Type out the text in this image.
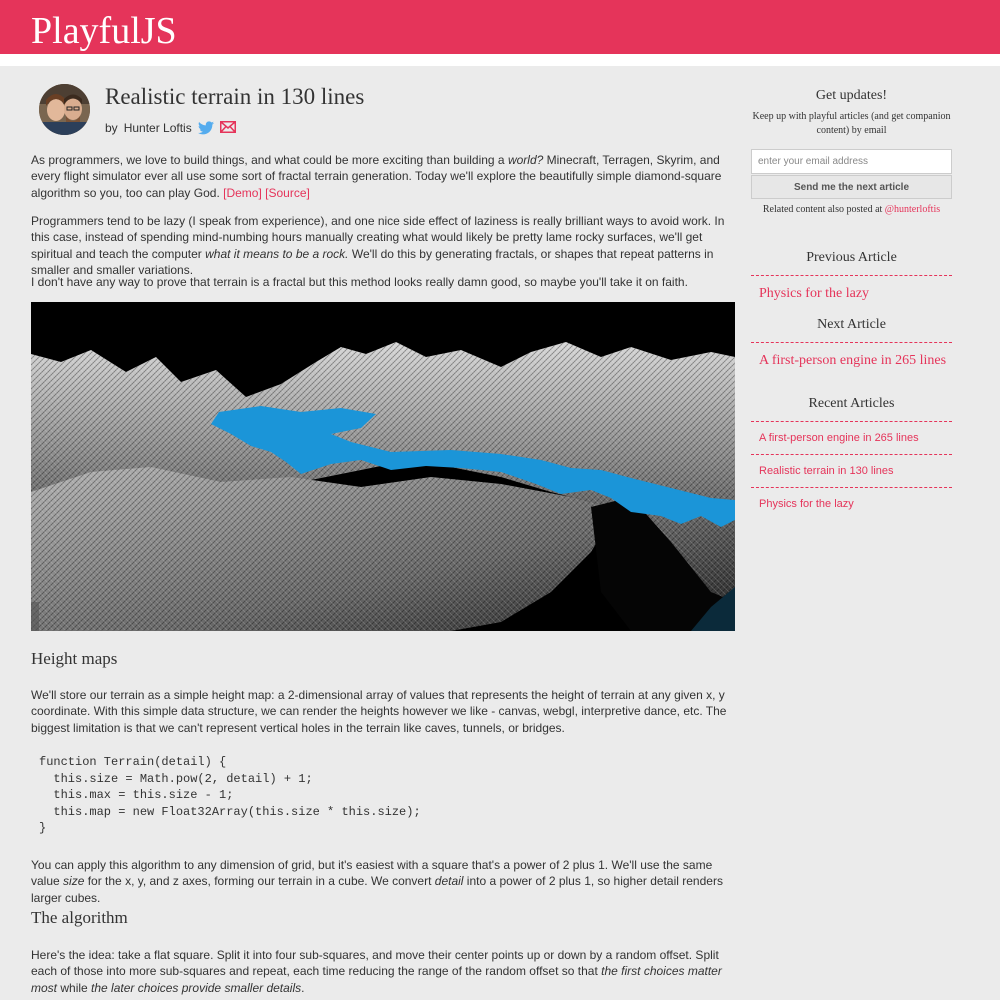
PlayfulJS
Realistic terrain in 130 lines
by Hunter Loftis

As programmers, we love to build things, and what could be more exciting than building a world? Minecraft, Terragen, Skyrim, and every flight simulator ever all use some sort of fractal terrain generation. Today we'll explore the beautifully simple diamond-square algorithm so you, too can play God. [Demo] [Source]

Programmers tend to be lazy (I speak from experience), and one nice side effect of laziness is really brilliant ways to avoid work. In this case, instead of spending mind-numbing hours manually creating what would likely be pretty lame rocky surfaces, we'll get spiritual and teach the computer what it means to be a rock. We'll do this by generating fractals, or shapes that repeat patterns in smaller and smaller variations.

I don't have any way to prove that terrain is a fractal but this method looks really damn good, so maybe you'll take it on faith.

Height maps

We'll store our terrain as a simple height map: a 2-dimensional array of values that represents the height of terrain at any given x, y coordinate. With this simple data structure, we can render the heights however we like - canvas, webgl, interpretive dance, etc. The biggest limitation is that we can't represent vertical holes in the terrain like caves, tunnels, or bridges.

function Terrain(detail) {
this.size = Math.pow(2, detail) + 1;
this.max = this.size - 1;
this.map = new Float32Array(this.size * this.size);
}

You can apply this algorithm to any dimension of grid, but it's easiest with a square that's a power of 2 plus 1. We'll use the same value size for the x, y, and z axes, forming our terrain in a cube. We convert detail into a power of 2 plus 1, so higher detail renders larger cubes.

The algorithm

Here's the idea: take a flat square. Split it into four sub-squares, and move their center points up or down by a random offset. Split each of those into more sub-squares and repeat, each time reducing the range of the random offset so that the first choices matter most while the later choices provide smaller details.

Get updates!
Keep up with playful articles (and get companion content) by email
enter your email address
Send me the next article
Related content also posted at @hunterloftis
Previous Article
Physics for the lazy
Next Article
A first-person engine in 265 lines
Recent Articles
A first-person engine in 265 lines
Realistic terrain in 130 lines
Physics for the lazy
